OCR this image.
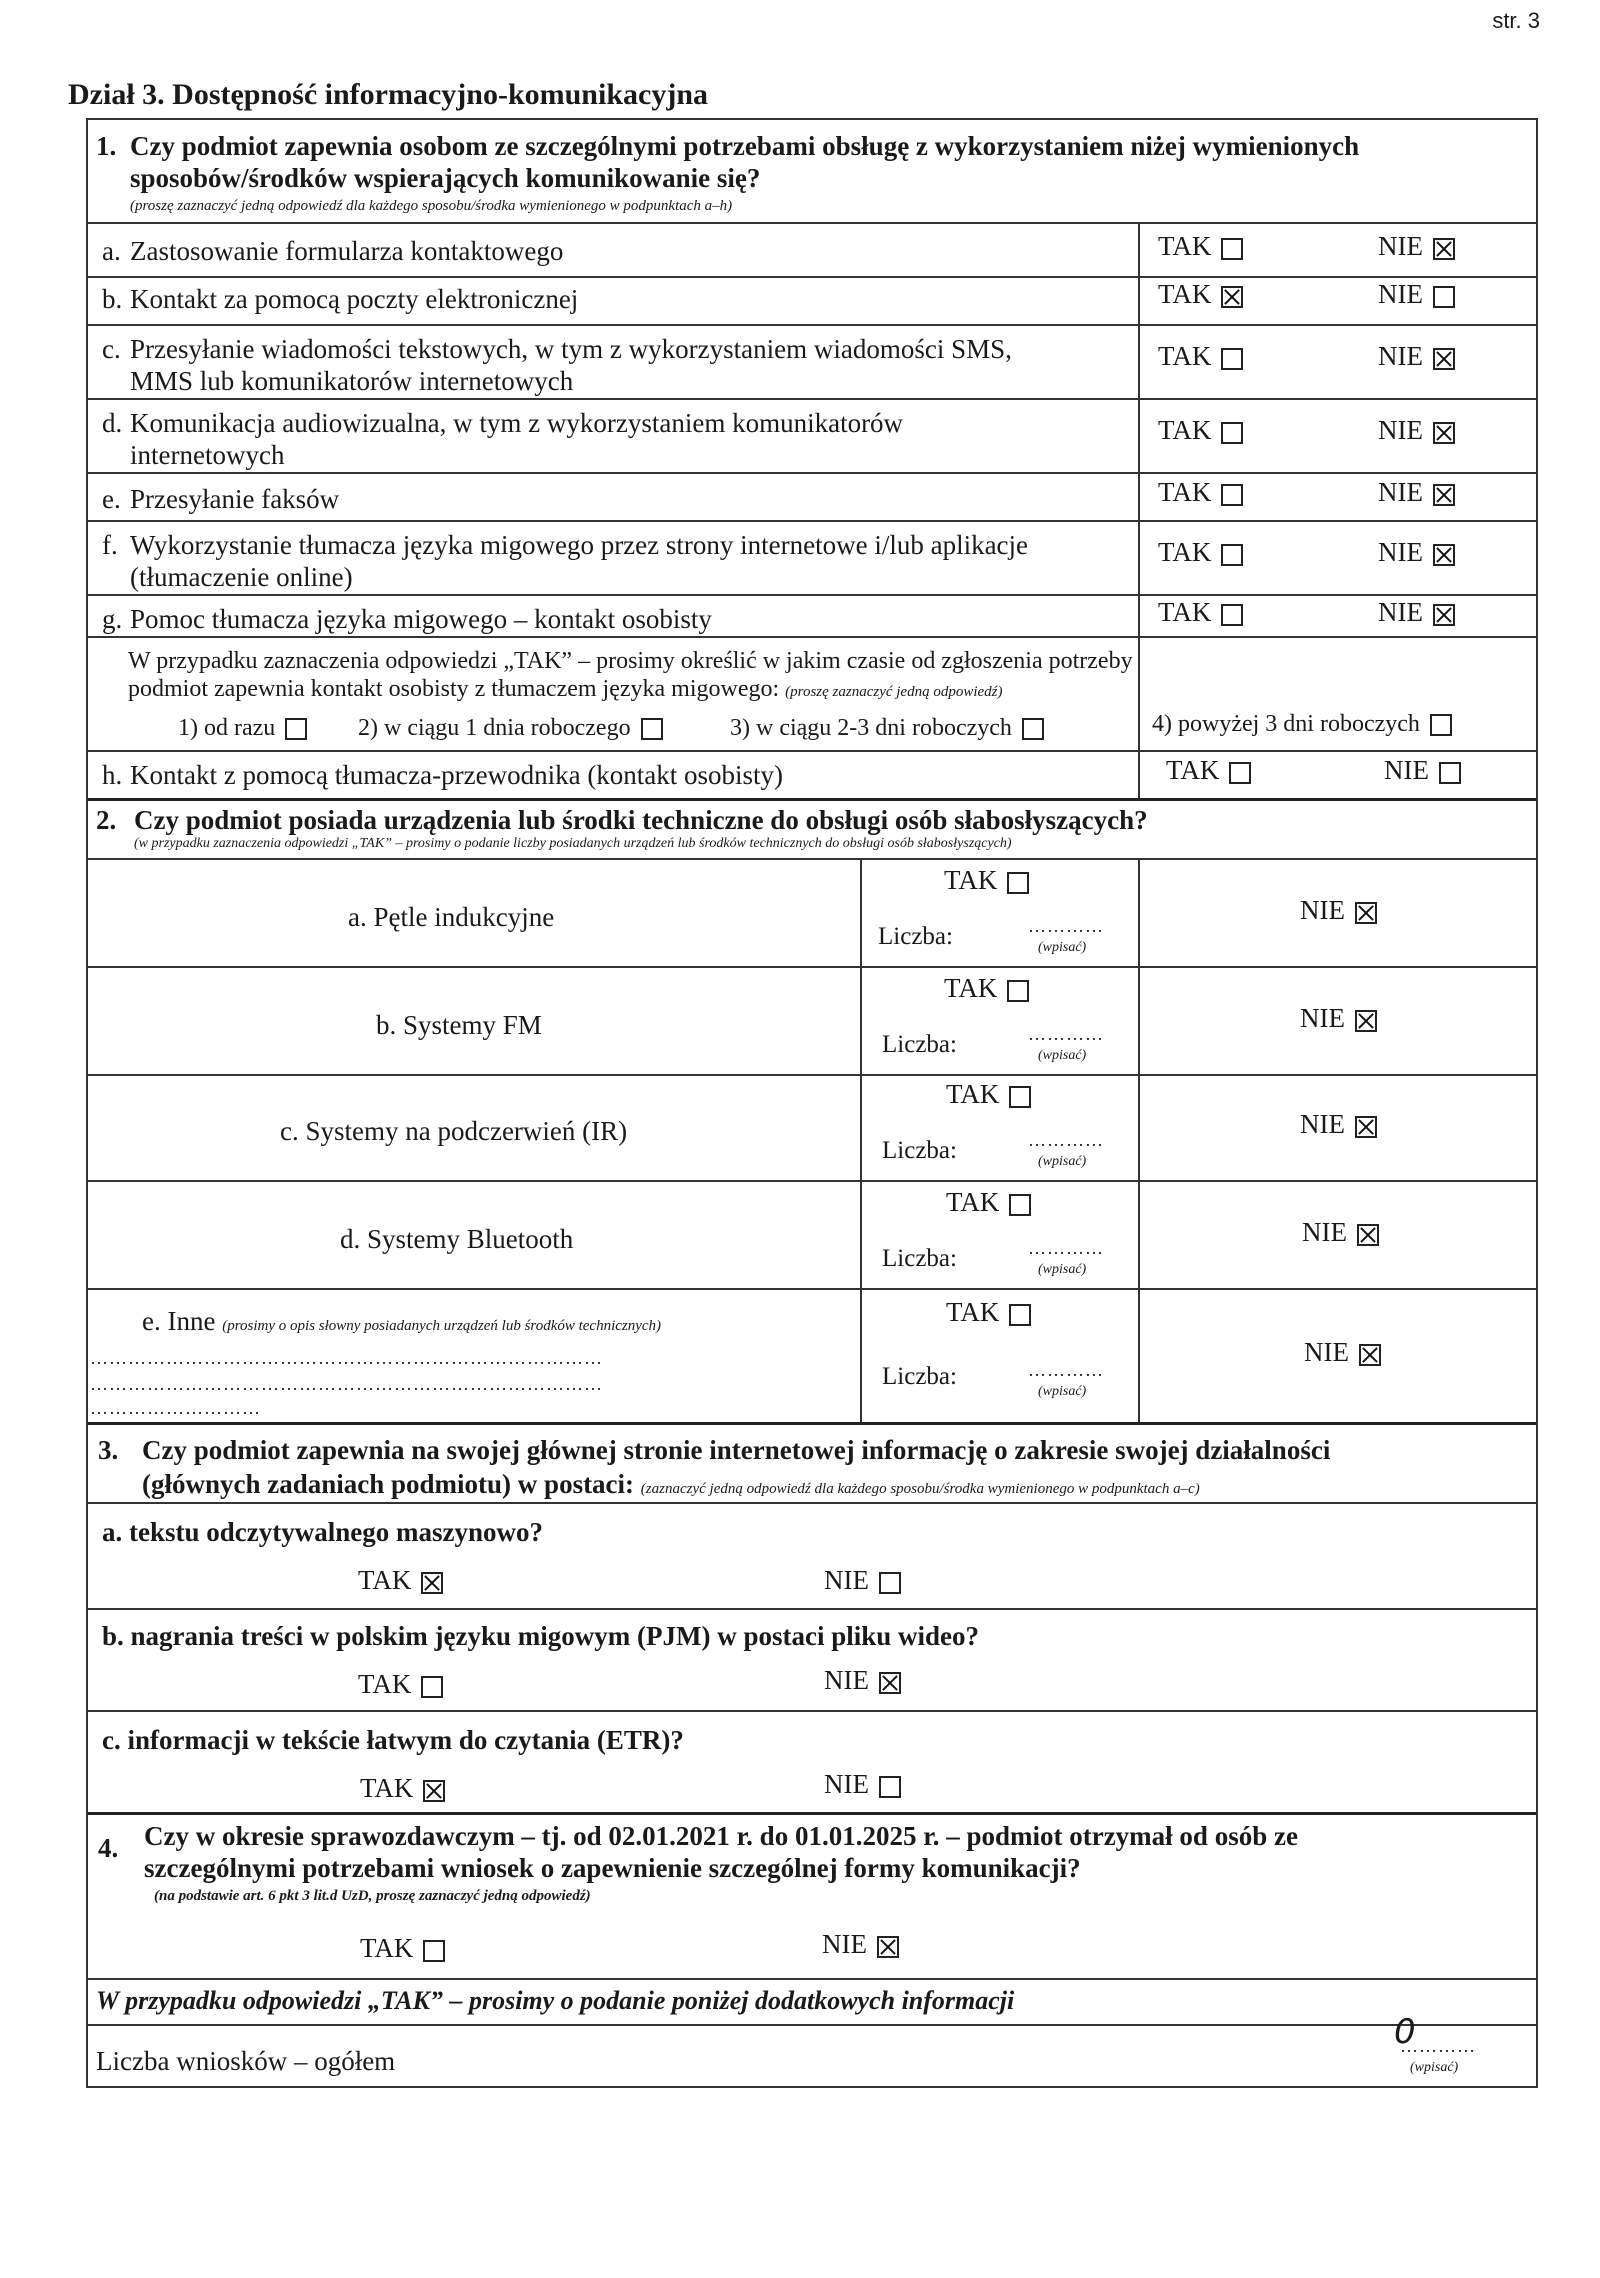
str. 3
Dział 3. Dostępność informacyjno-komunikacyjna
1. Czy podmiot zapewnia osobom ze szczególnymi potrzebami obsługę z wykorzystaniem niżej wymienionych
sposobów/środków wspierających komunikowanie się?
(proszę zaznaczyć jedną odpowiedź dla każdego sposobu/środka wymienionego w podpunktach a–h)
a. Zastosowanie formularza kontaktowego	TAK	NIE
b. Kontakt za pomocą poczty elektronicznej	TAK	NIE
c. Przesyłanie wiadomości tekstowych, w tym z wykorzystaniem wiadomości SMS,
MMS lub komunikatorów internetowych
TAK	NIE
d. Komunikacja audiowizualna, w tym z wykorzystaniem komunikatorów
internetowych
TAK	NIE
e. Przesyłanie faksów	TAK	NIE
f. Wykorzystanie tłumacza języka migowego przez strony internetowe i/lub aplikacje
(tłumaczenie online)
TAK	NIE
g. Pomoc tłumacza języka migowego – kontakt osobisty	TAK	NIE
W przypadku zaznaczenia odpowiedzi „TAK” – prosimy określić w jakim czasie od zgłoszenia potrzeby
podmiot zapewnia kontakt osobisty z tłumaczem języka migowego: (proszę zaznaczyć jedną odpowiedź)
1) od razu	2) w ciągu 1 dnia roboczego	3) w ciągu 2-3 dni roboczych	4) powyżej 3 dni roboczych
h. Kontakt z pomocą tłumacza-przewodnika (kontakt osobisty)	TAK	NIE
2. Czy podmiot posiada urządzenia lub środki techniczne do obsługi osób słabosłyszących?
(w przypadku zaznaczenia odpowiedzi „TAK” – prosimy o podanie liczby posiadanych urządzeń lub środków technicznych do obsługi osób słabosłyszących)
a. Pętle indukcyjne
TAK
Liczba:	…………
(wpisać)
NIE
b. Systemy FM
TAK
Liczba:	…………
(wpisać)
NIE
c. Systemy na podczerwień (IR)
TAK
Liczba:	…………
(wpisać)
NIE
d. Systemy Bluetooth
TAK
Liczba:	…………
(wpisać)
NIE
e. Inne (prosimy o opis słowny posiadanych urządzeń lub środków technicznych)
………………………………………………………………………
………………………………………………………………………
………………………
TAK
Liczba:	…………
(wpisać)
NIE
3. Czy podmiot zapewnia na swojej głównej stronie internetowej informację o zakresie swojej działalności
(głównych zadaniach podmiotu) w postaci: (zaznaczyć jedną odpowiedź dla każdego sposobu/środka wymienionego w podpunktach a–c)
a. tekstu odczytywalnego maszynowo?
TAK	NIE
b. nagrania treści w polskim języku migowym (PJM) w postaci pliku wideo?
TAK	NIE
c. informacji w tekście łatwym do czytania (ETR)?
TAK	NIE
4. Czy w okresie sprawozdawczym – tj. od 02.01.2021 r. do 01.01.2025 r. – podmiot otrzymał od osób ze
szczególnymi potrzebami wniosek o zapewnienie szczególnej formy komunikacji?
(na podstawie art. 6 pkt 3 lit.d UzD, proszę zaznaczyć jedną odpowiedź)
TAK	NIE
W przypadku odpowiedzi „TAK” – prosimy o podanie poniżej dodatkowych informacji
Liczba wniosków – ogółem
0
…………
(wpisać)
